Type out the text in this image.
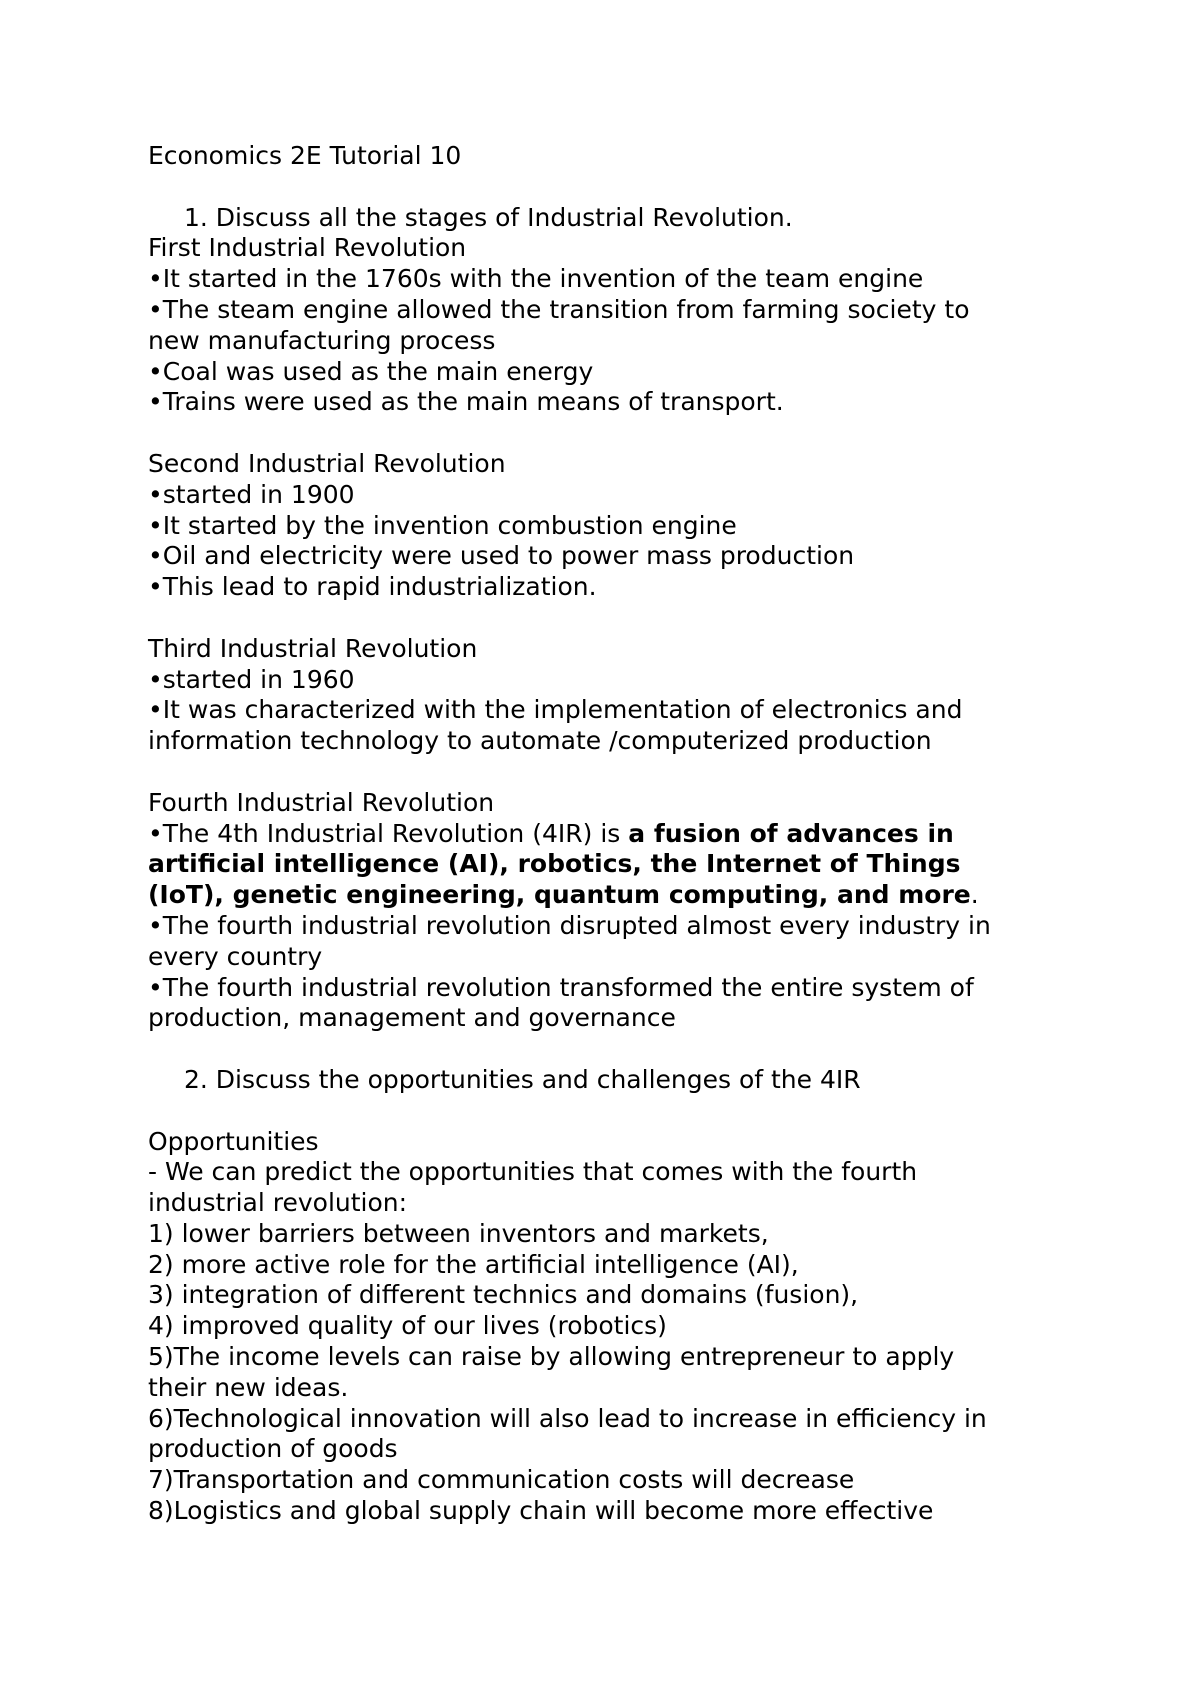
Economics 2E Tutorial 10
1. Discuss all the stages of Industrial Revolution.
First Industrial Revolution
•It started in the 1760s with the invention of the team engine
•The steam engine allowed the transition from farming society to
new manufacturing process
•Coal was used as the main energy
•Trains were used as the main means of transport.
Second Industrial Revolution
•started in 1900
•It started by the invention combustion engine
•Oil and electricity were used to power mass production
•This lead to rapid industrialization.
Third Industrial Revolution
•started in 1960
•It was characterized with the implementation of electronics and
information technology to automate /computerized production
Fourth Industrial Revolution
•The 4th Industrial Revolution (4IR) is a fusion of advances in
artificial intelligence (AI), robotics, the Internet of Things
(IoT), genetic engineering, quantum computing, and more.
•The fourth industrial revolution disrupted almost every industry in
every country
•The fourth industrial revolution transformed the entire system of
production, management and governance
2. Discuss the opportunities and challenges of the 4IR
Opportunities
- We can predict the opportunities that comes with the fourth
industrial revolution:
1) lower barriers between inventors and markets,
2) more active role for the artificial intelligence (AI),
3) integration of different technics and domains (fusion),
4) improved quality of our lives (robotics)
5)The income levels can raise by allowing entrepreneur to apply
their new ideas.
6)Technological innovation will also lead to increase in efficiency in
production of goods
7)Transportation and communication costs will decrease
8)Logistics and global supply chain will become more effective
